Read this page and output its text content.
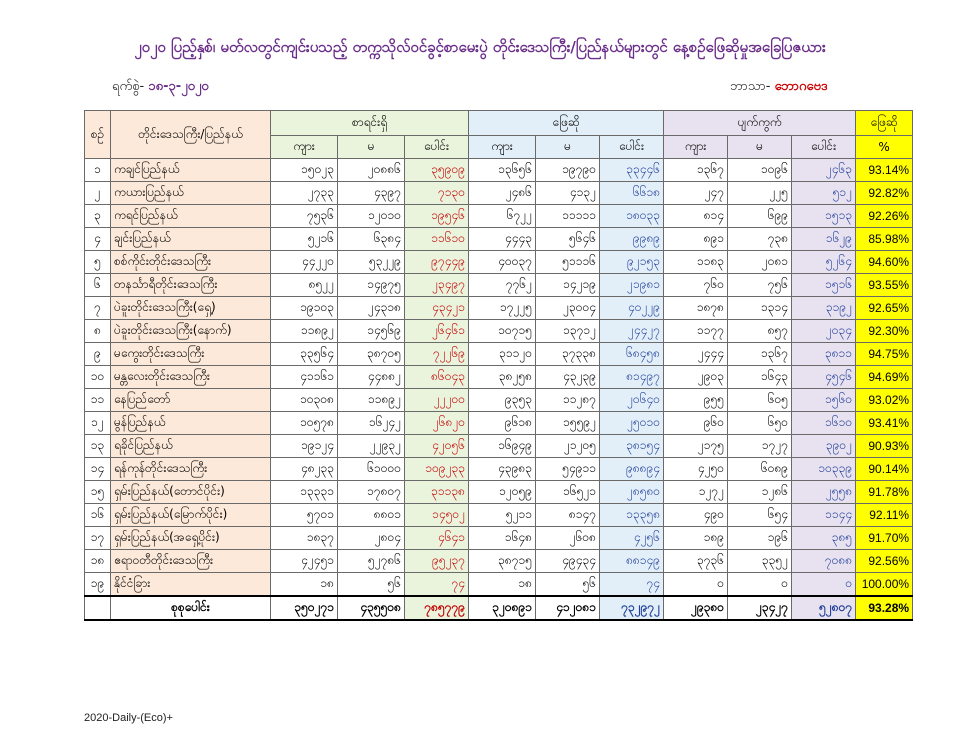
၂၀၂၀ ပြည့်နှစ်၊ မတ်လတွင်ကျင်းပသည့် တက္ကသိုလ်ဝင်ခွင့်စာမေးပွဲ တိုင်းဒေသကြီး/ပြည်နယ်များတွင် နေ့စဉ်ဖြေဆိုမှုအခြေပြဇယား
ရက်စွဲ- ၁၈-၃-၂၀၂၀	ဘာသာ- ဘောဂဗေဒ
စဉ်	တိုင်းဒေသကြီး/ပြည်နယ်	စာရင်းရှိ			ဖြေဆို			ပျက်ကွက်			ဖြေဆို
		ကျား	မ	ပေါင်း	ကျား	မ	ပေါင်း	ကျား	မ	ပေါင်း	%
၁	ကချင်ပြည်နယ်	၁၅၀၂၃	၂၀၈၈၆	၃၅၉၀၉	၁၃၆၅၆	၁၉၇၉၀	၃၃၄၄၆	၁၃၆၇	၁၀၉၆	၂၄၆၃	93.14%
၂	ကယားပြည်နယ်	၂၇၃၃	၄၃၉၇	၇၁၃၀	၂၄၈၆	၄၁၃၂	၆၆၁၈	၂၄၇	၂၂၅	၅၁၂	92.82%
၃	ကရင်ပြည်နယ်	၇၅၃၆	၁၂၀၁၀	၁၉၅၄၆	၆၇၂၂	၁၁၁၁၁	၁၈၀၃၃	၈၁၄	၆၉၉	၁၅၁၃	92.26%
၄	ချင်းပြည်နယ်	၅၂၁၆	၆၃၈၄	၁၁၆၁၀	၄၄၄၃	၅၆၄၆	၉၉၈၉	၈၉၁	၇၃၈	၁၆၂၉	85.98%
၅	စစ်ကိုင်းတိုင်းဒေသကြီး	၄၄၂၂၀	၅၃၂၂၉	၉၇၄၄၉	၄၀၀၃၇	၅၁၁၁၆	၉၂၁၅၃	၁၁၈၃	၂၀၈၁	၅၂၆၄	94.60%
၆	တနင်္သာရီတိုင်းဒေသကြီး	၈၅၂၂	၁၄၉၇၅	၂၃၄၉၇	၇၇၆၂	၁၄၂၁၉	၂၁၉၈၁	၇၆၀	၇၅၆	၁၅၁၆	93.55%
၇	ပဲခူးတိုင်းဒေသကြီး(ရှေ့)	၁၉၁၀၃	၂၄၃၁၈	၄၃၄၂၁	၁၇၂၂၅	၂၃၀၀၄	၄၀၂၂၉	၁၈၇၈	၁၃၁၄	၃၁၉၂	92.65%
၈	ပဲခူးတိုင်းဒေသကြီး(နောက်)	၁၁၈၉၂	၁၄၅၆၉	၂၆၄၆၁	၁၀၇၁၅	၁၃၇၁၂	၂၄၄၂၇	၁၁၇၇	၈၅၇	၂၀၃၄	92.30%
၉	မကွေးတိုင်းဒေသကြီး	၃၃၅၆၄	၃၈၇၀၅	၇၂၂၆၉	၃၁၁၂၀	၃၇၃၃၈	၆၈၄၅၈	၂၄၄၄	၁၃၆၇	၃၈၁၁	94.75%
၁၀	မန္တလေးတိုင်းဒေသကြီး	၄၁၁၆၁	၄၄၈၈၂	၈၆၀၄၃	၃၈၂၅၈	၄၃၂၃၉	၈၁၄၉၇	၂၉၀၃	၁၆၄၃	၄၅၄၆	94.69%
၁၁	နေပြည်တော်	၁၀၃၀၈	၁၁၈၉၂	၂၂၂၀၀	၉၃၅၃	၁၁၂၈၇	၂၀၆၄၀	၉၅၅	၆၀၅	၁၅၆၀	93.02%
၁၂	မွန်ပြည်နယ်	၁၀၅၇၈	၁၆၂၄၂	၂၆၈၂၀	၉၆၁၈	၁၅၅၉၂	၂၅၀၁၀	၉၆၀	၆၅၀	၁၆၁၀	93.41%
၁၃	ရခိုင်ပြည်နယ်	၁၉၁၂၄	၂၂၉၃၂	၄၂၀၅၆	၁၆၉၄၉	၂၁၂၀၅	၃၈၁၅၄	၂၁၇၅	၁၇၂၇	၃၉၀၂	90.93%
၁၄	ရန်ကုန်တိုင်းဒေသကြီး	၄၈၂၃၃	၆၁၀၀၀	၁၀၉၂၃၃	၄၃၉၈၃	၅၄၉၁၁	၉၈၈၉၄	၄၂၅၀	၆၀၈၉	၁၀၃၃၉	90.14%
၁၅	ရှမ်းပြည်နယ်(တောင်ပိုင်း)	၁၃၃၃၁	၁၇၈၀၇	၃၁၁၃၈	၁၂၀၅၉	၁၆၅၂၁	၂၈၅၈၀	၁၂၇၂	၁၂၈၆	၂၅၅၈	91.78%
၁၆	ရှမ်းပြည်နယ်(မြောက်ပိုင်း)	၅၇၀၁	၈၈၀၁	၁၄၅၀၂	၅၂၁၁	၈၁၄၇	၁၃၃၅၈	၄၉၀	၆၅၄	၁၁၄၄	92.11%
၁၇	ရှမ်းပြည်နယ်(အရှေ့ပိုင်း)	၁၈၃၇	၂၈၀၄	၄၆၄၁	၁၆၄၈	၂၆၀၈	၄၂၅၆	၁၈၉	၁၉၆	၃၈၅	91.70%
၁၈	ဧရာဝတီတိုင်းဒေသကြီး	၄၂၄၅၁	၅၂၇၈၆	၉၅၂၃၇	၃၈၇၁၅	၄၉၄၃၄	၈၈၁၄၉	၃၇၃၆	၃၃၅၂	၇၀၈၈	92.56%
၁၉	နိုင်ငံခြား	၁၈	၅၆	၇၄	၁၈	၅၆	၇၄	၀	၀	၀	100.00%
	စုစုပေါင်း	၃၅၀၂၇၁	၄၃၅၅၀၈	၇၈၅၇၇၉	၃၂၀၈၉၁	၄၁၂၀၈၁	၇၃၂၉၇၂	၂၉၃၈၀	၂၃၄၂၇	၅၂၈၀၇	93.28%
2020-Daily-(Eco)+
